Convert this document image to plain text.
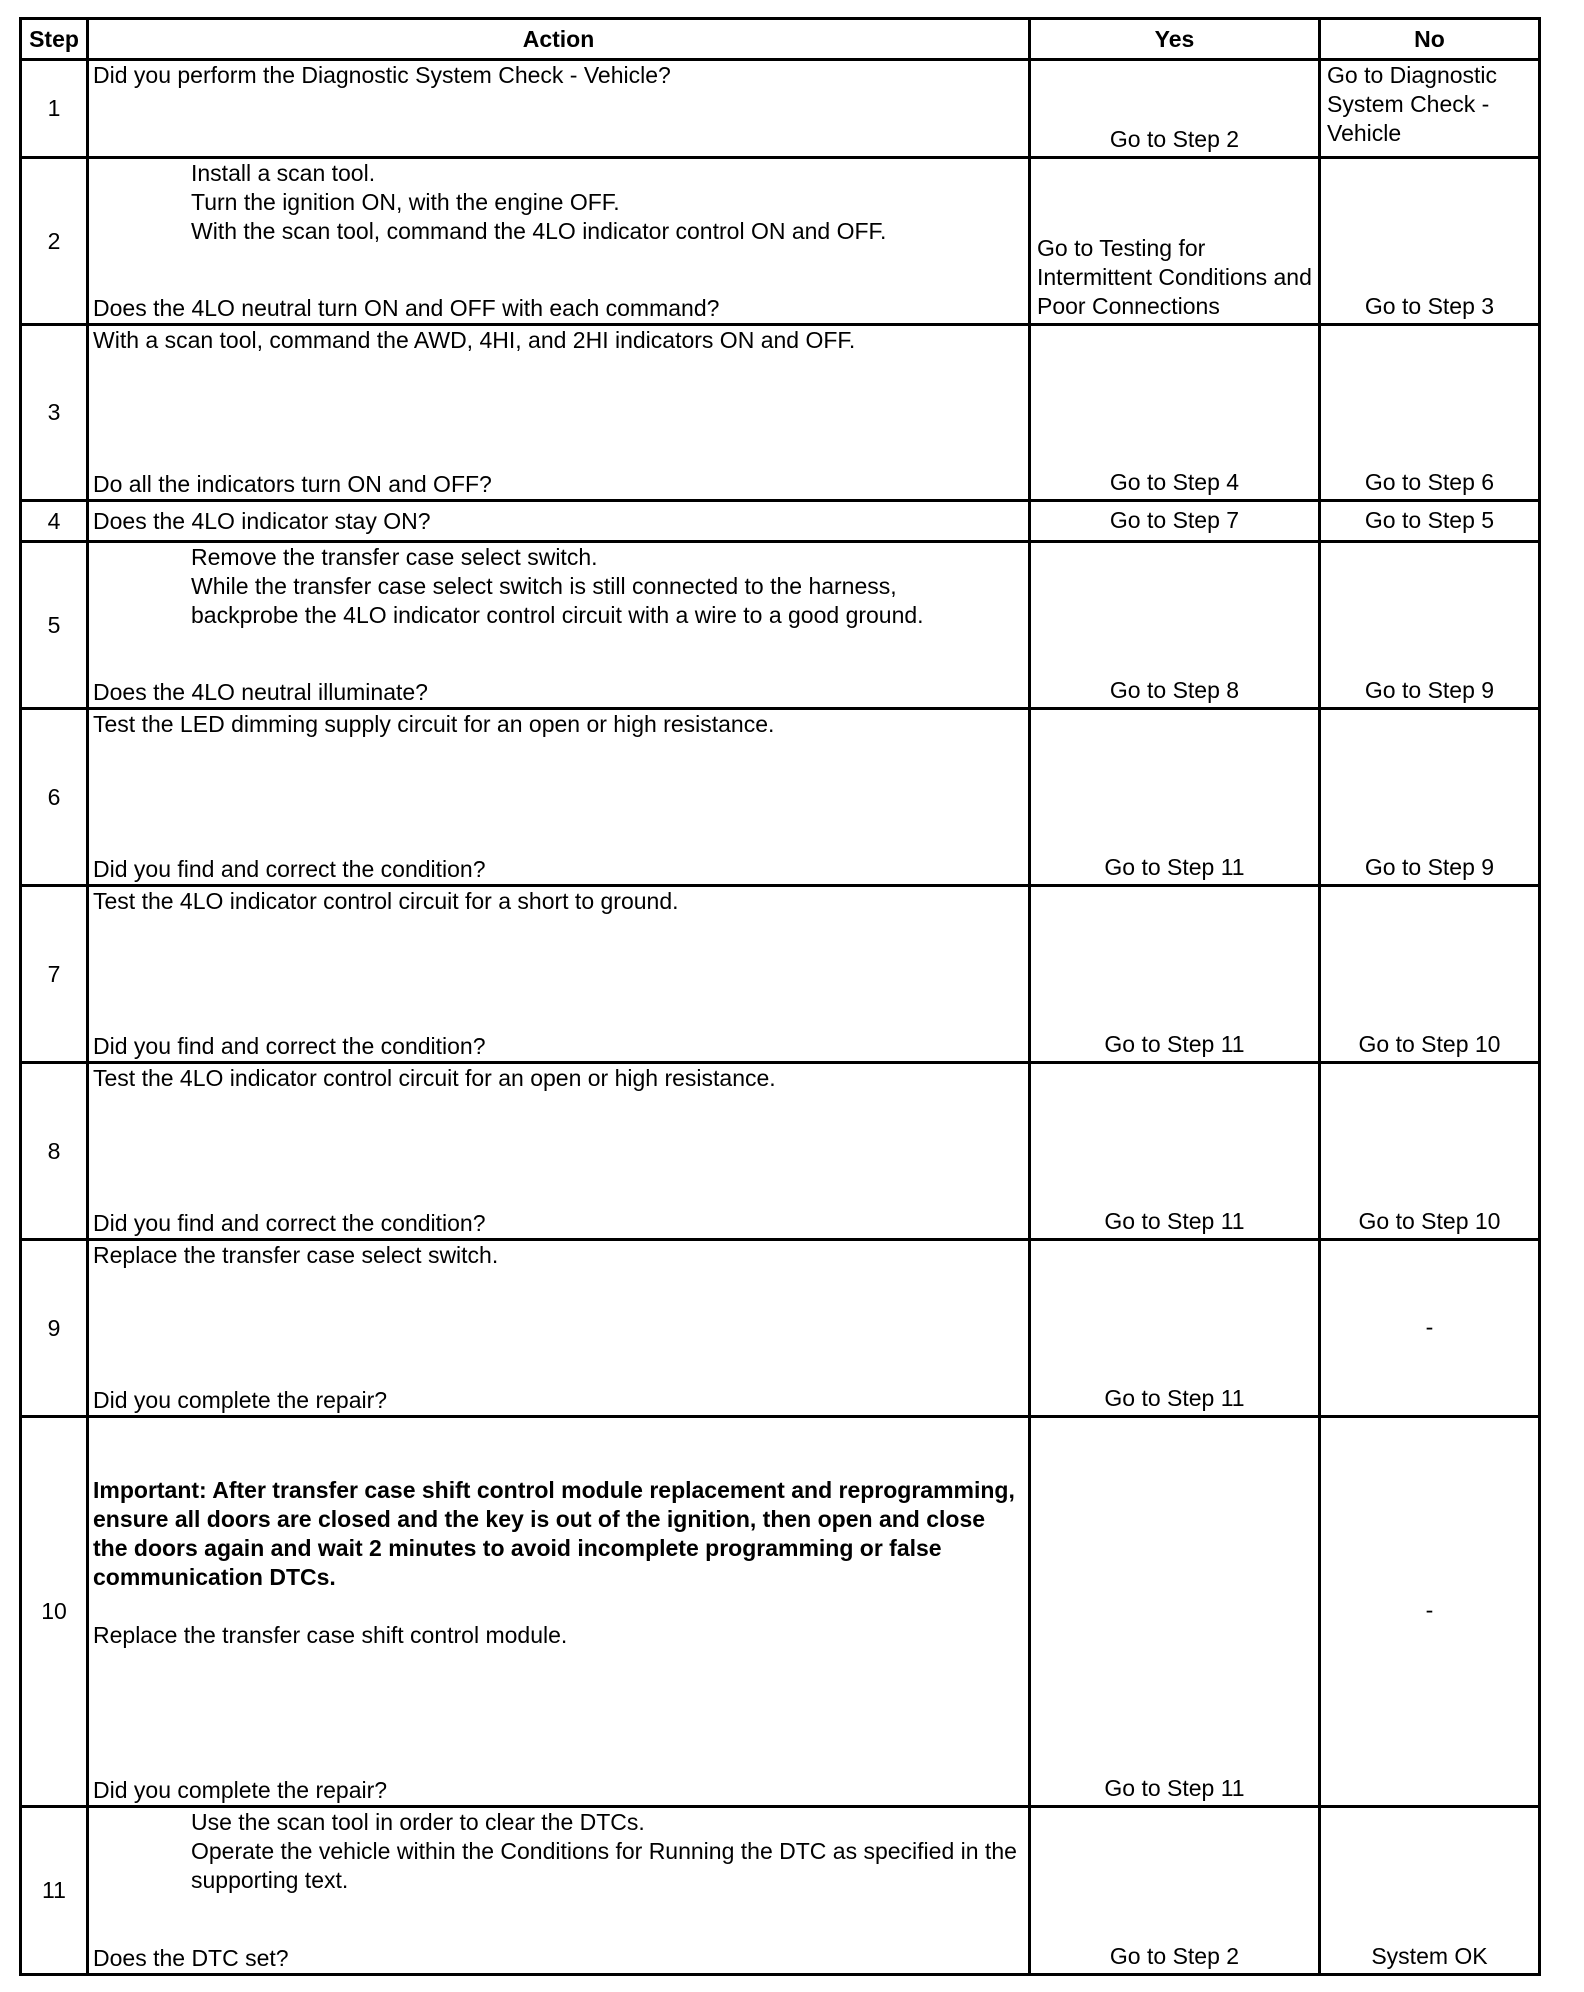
Step	Action	Yes	No
1	Did you perform the Diagnostic System Check - Vehicle?	Go to Step 2	Go to Diagnostic System Check - Vehicle
2	Install a scan tool.
Turn the ignition ON, with the engine OFF.
With the scan tool, command the 4LO indicator control ON and OFF.
Does the 4LO neutral turn ON and OFF with each command?	Go to Testing for Intermittent Conditions and Poor Connections	Go to Step 3
3	With a scan tool, command the AWD, 4HI, and 2HI indicators ON and OFF.
Do all the indicators turn ON and OFF?	Go to Step 4	Go to Step 6
4	Does the 4LO indicator stay ON?	Go to Step 7	Go to Step 5
5	Remove the transfer case select switch.
While the transfer case select switch is still connected to the harness,
backprobe the 4LO indicator control circuit with a wire to a good ground.
Does the 4LO neutral illuminate?	Go to Step 8	Go to Step 9
6	Test the LED dimming supply circuit for an open or high resistance.
Did you find and correct the condition?	Go to Step 11	Go to Step 9
7	Test the 4LO indicator control circuit for a short to ground.
Did you find and correct the condition?	Go to Step 11	Go to Step 10
8	Test the 4LO indicator control circuit for an open or high resistance.
Did you find and correct the condition?	Go to Step 11	Go to Step 10
9	Replace the transfer case select switch.
Did you complete the repair?	Go to Step 11	-
10	Important: After transfer case shift control module replacement and reprogramming, ensure all doors are closed and the key is out of the ignition, then open and close the doors again and wait 2 minutes to avoid incomplete programming or false communication DTCs.
Replace the transfer case shift control module.
Did you complete the repair?	Go to Step 11	-
11	Use the scan tool in order to clear the DTCs.
Operate the vehicle within the Conditions for Running the DTC as specified in the supporting text.
Does the DTC set?	Go to Step 2	System OK
